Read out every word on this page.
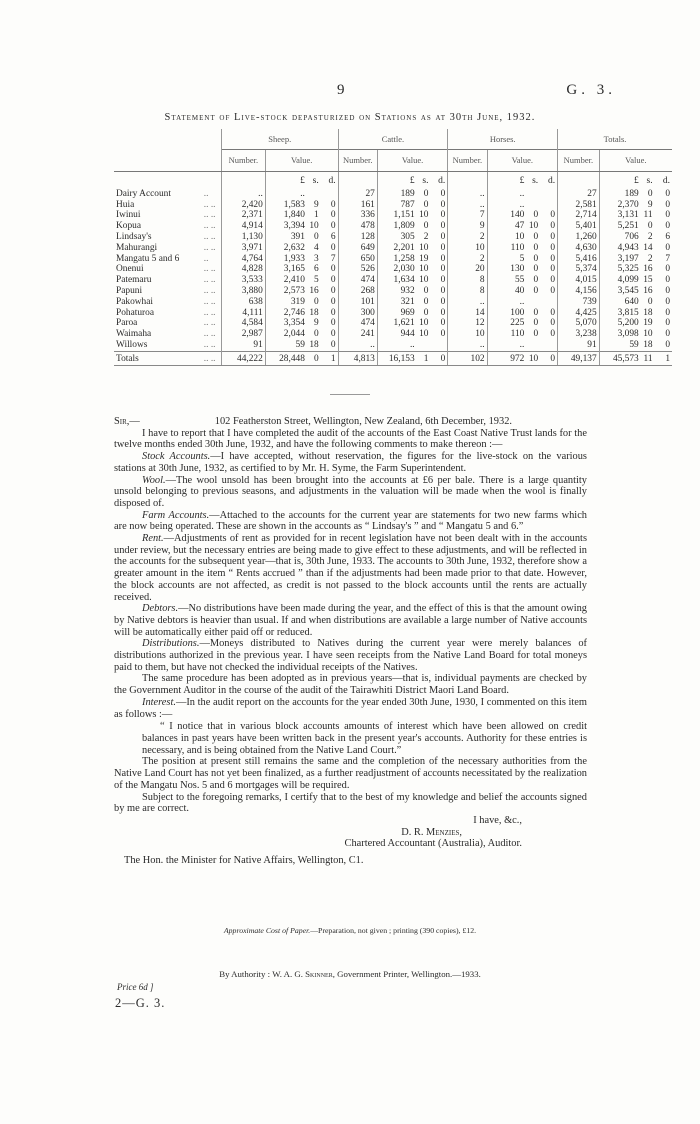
9	G. 3.
Statement of Live-stock depasturized on Stations as at 30th June, 1932.
		Sheep.				Cattle.				Horses.				Totals.			
		Number.	Value.			Number.	Value.			Number.	Value.			Number.	Value.		
			£	s.	d.		£	s.	d.		£	s.	d.		£	s.	d.
Dairy Account	..	..	..			27	189	0	0	..	..			27	189	0	0
Huia	.. ..	2,420	1,583	9	0	161	787	0	0	..	..			2,581	2,370	9	0
Iwinui	.. ..	2,371	1,840	1	0	336	1,151	10	0	7	140	0	0	2,714	3,131	11	0
Kopua	.. ..	4,914	3,394	10	0	478	1,809	0	0	9	47	10	0	5,401	5,251	0	0
Lindsay's	.. ..	1,130	391	0	6	128	305	2	0	2	10	0	0	1,260	706	2	6
Mahurangi	.. ..	3,971	2,632	4	0	649	2,201	10	0	10	110	0	0	4,630	4,943	14	0
Mangatu 5 and 6	..	4,764	1,933	3	7	650	1,258	19	0	2	5	0	0	5,416	3,197	2	7
Onenui	.. ..	4,828	3,165	6	0	526	2,030	10	0	20	130	0	0	5,374	5,325	16	0
Patemaru	.. ..	3,533	2,410	5	0	474	1,634	10	0	8	55	0	0	4,015	4,099	15	0
Papuni	.. ..	3,880	2,573	16	0	268	932	0	0	8	40	0	0	4,156	3,545	16	0
Pakowhai	.. ..	638	319	0	0	101	321	0	0	..	..			739	640	0	0
Pohaturoa	.. ..	4,111	2,746	18	0	300	969	0	0	14	100	0	0	4,425	3,815	18	0
Paroa	.. ..	4,584	3,354	9	0	474	1,621	10	0	12	225	0	0	5,070	5,200	19	0
Waimaha	.. ..	2,987	2,044	0	0	241	944	10	0	10	110	0	0	3,238	3,098	10	0
Willows	.. ..	91	59	18	0	..	..			..	..			91	59	18	0
Totals	.. ..	44,222	28,448	0	1	4,813	16,153	1	0	102	972	10	0	49,137	45,573	11	1

Sir,—	102 Featherston Street, Wellington, New Zealand, 6th December, 1932.

I have to report that I have completed the audit of the accounts of the East Coast Native Trust lands for the twelve months ended 30th June, 1932, and have the following comments to make thereon :—

Stock Accounts.—I have accepted, without reservation, the figures for the live-stock on the various stations at 30th June, 1932, as certified to by Mr. H. Syme, the Farm Superintendent.

Wool.—The wool unsold has been brought into the accounts at £6 per bale. There is a large quantity unsold belonging to previous seasons, and adjustments in the valuation will be made when the wool is finally disposed of.

Farm Accounts.—Attached to the accounts for the current year are statements for two new farms which are now being operated. These are shown in the accounts as “ Lindsay's ” and “ Mangatu 5 and 6.”

Rent.—Adjustments of rent as provided for in recent legislation have not been dealt with in the accounts under review, but the necessary entries are being made to give effect to these adjustments, and will be reflected in the accounts for the subsequent year—that is, 30th June, 1933. The accounts to 30th June, 1932, therefore show a greater amount in the item “ Rents accrued ” than if the adjustments had been made prior to that date. However, the block accounts are not affected, as credit is not passed to the block accounts until the rents are actually received.

Debtors.—No distributions have been made during the year, and the effect of this is that the amount owing by Native debtors is heavier than usual. If and when distributions are available a large number of Native accounts will be automatically either paid off or reduced.

Distributions.—Moneys distributed to Natives during the current year were merely balances of distributions authorized in the previous year. I have seen receipts from the Native Land Board for total moneys paid to them, but have not checked the individual receipts of the Natives.

The same procedure has been adopted as in previous years—that is, individual payments are checked by the Government Auditor in the course of the audit of the Tairawhiti District Maori Land Board.

Interest.—In the audit report on the accounts for the year ended 30th June, 1930, I commented on this item as follows :—

“ I notice that in various block accounts amounts of interest which have been allowed on credit balances in past years have been written back in the present year's accounts. Authority for these entries is necessary, and is being obtained from the Native Land Court.”

The position at present still remains the same and the completion of the necessary authorities from the Native Land Court has not yet been finalized, as a further readjustment of accounts necessitated by the realization of the Mangatu Nos. 5 and 6 mortgages will be required.

Subject to the foregoing remarks, I certify that to the best of my knowledge and belief the accounts signed by me are correct.

I have, &c.,

D. R. Menzies,

Chartered Accountant (Australia), Auditor.

The Hon. the Minister for Native Affairs, Wellington, C1.

Approximate Cost of Paper.—Preparation, not given ; printing (390 copies), £12.
By Authority : W. A. G. Skinner, Government Printer, Wellington.—1933.
Price 6d ]
2—G. 3.
